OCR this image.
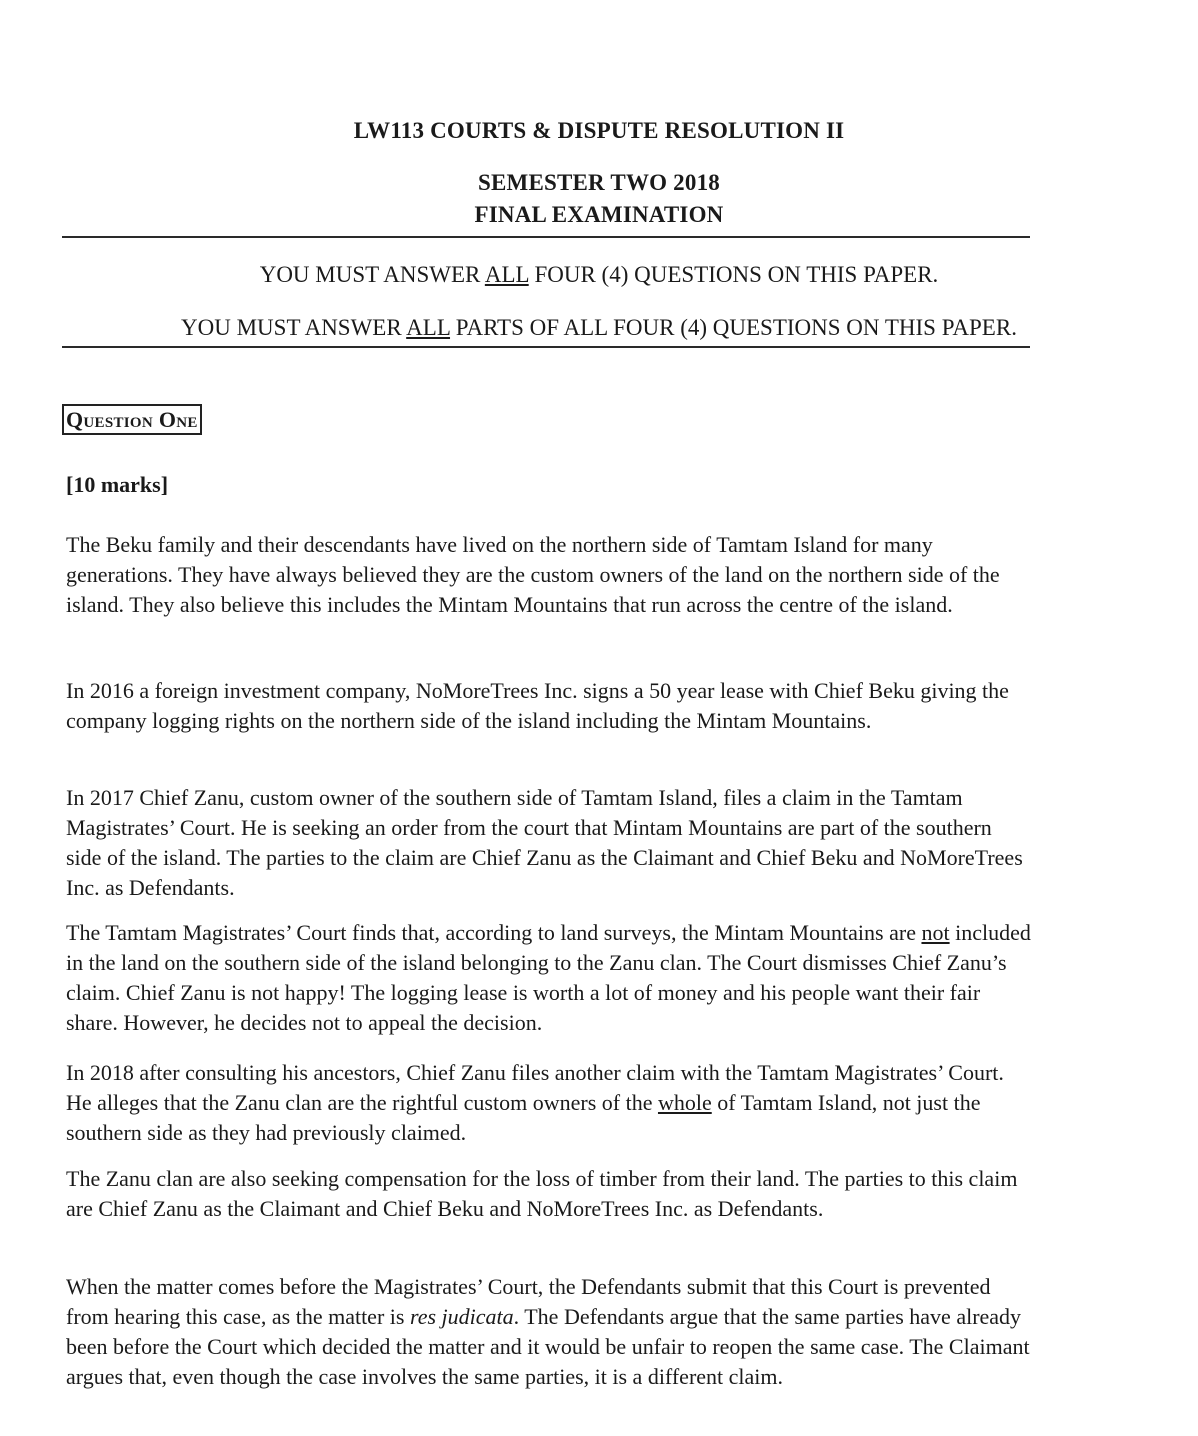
LW113 COURTS & DISPUTE RESOLUTION II
SEMESTER TWO 2018
FINAL EXAMINATION

YOU MUST ANSWER ALL FOUR (4) QUESTIONS ON THIS PAPER.

YOU MUST ANSWER ALL PARTS OF ALL FOUR (4) QUESTIONS ON THIS PAPER.

Question One

[10 marks]

The Beku family and their descendants have lived on the northern side of Tamtam Island for many generations. They have always believed they are the custom owners of the land on the northern side of the island. They also believe this includes the Mintam Mountains that run across the centre of the island.

In 2016 a foreign investment company, NoMoreTrees Inc. signs a 50 year lease with Chief Beku giving the company logging rights on the northern side of the island including the Mintam Mountains.

In 2017 Chief Zanu, custom owner of the southern side of Tamtam Island, files a claim in the Tamtam Magistrates’ Court. He is seeking an order from the court that Mintam Mountains are part of the southern side of the island. The parties to the claim are Chief Zanu as the Claimant and Chief Beku and NoMoreTrees Inc. as Defendants.

The Tamtam Magistrates’ Court finds that, according to land surveys, the Mintam Mountains are not included in the land on the southern side of the island belonging to the Zanu clan. The Court dismisses Chief Zanu’s claim. Chief Zanu is not happy! The logging lease is worth a lot of money and his people want their fair share. However, he decides not to appeal the decision.

In 2018 after consulting his ancestors, Chief Zanu files another claim with the Tamtam Magistrates’ Court. He alleges that the Zanu clan are the rightful custom owners of the whole of Tamtam Island, not just the southern side as they had previously claimed.

The Zanu clan are also seeking compensation for the loss of timber from their land. The parties to this claim are Chief Zanu as the Claimant and Chief Beku and NoMoreTrees Inc. as Defendants.

When the matter comes before the Magistrates’ Court, the Defendants submit that this Court is prevented from hearing this case, as the matter is res judicata. The Defendants argue that the same parties have already been before the Court which decided the matter and it would be unfair to reopen the same case. The Claimant argues that, even though the case involves the same parties, it is a different claim.
